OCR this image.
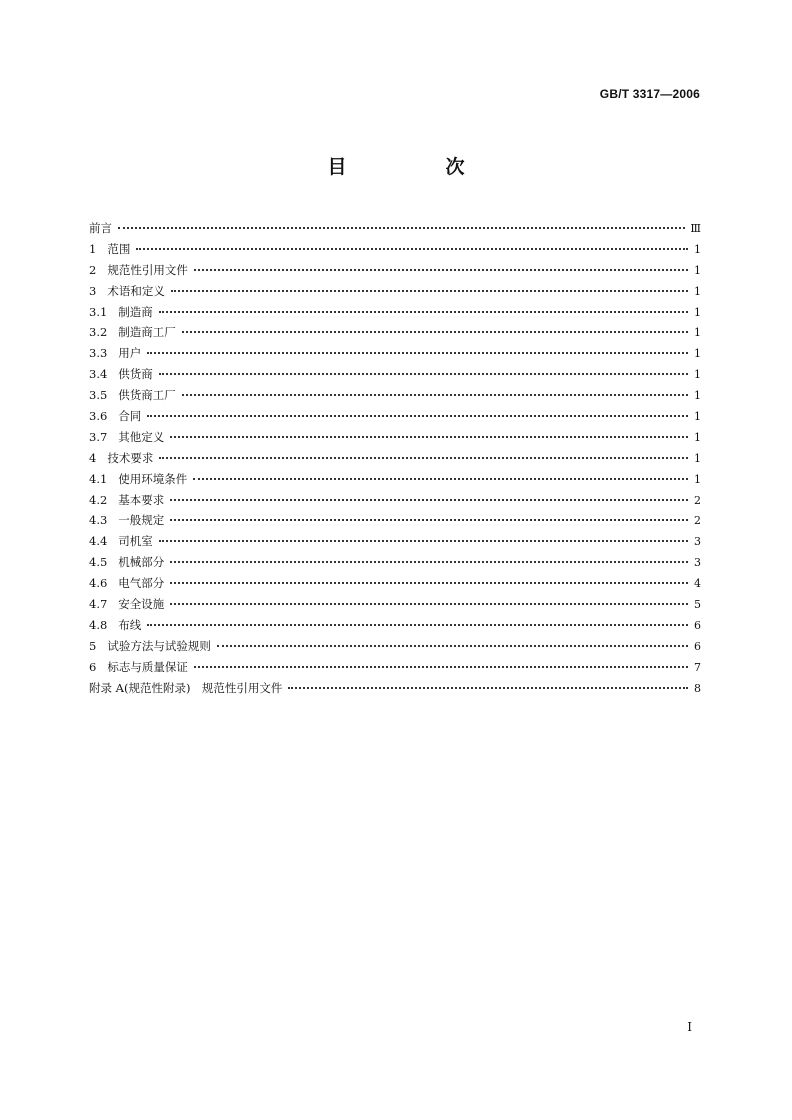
GB/T 3317—2006
目　次
前言	Ⅲ
1 范围	1
2 规范性引用文件	1
3 术语和定义	1
3.1 制造商	1
3.2 制造商工厂	1
3.3 用户	1
3.4 供货商	1
3.5 供货商工厂	1
3.6 合同	1
3.7 其他定义	1
4 技术要求	1
4.1 使用环境条件	1
4.2 基本要求	2
4.3 一般规定	2
4.4 司机室	3
4.5 机械部分	3
4.6 电气部分	4
4.7 安全设施	5
4.8 布线	6
5 试验方法与试验规则	6
6 标志与质量保证	7
附录 A(规范性附录)　规范性引用文件	8
I
